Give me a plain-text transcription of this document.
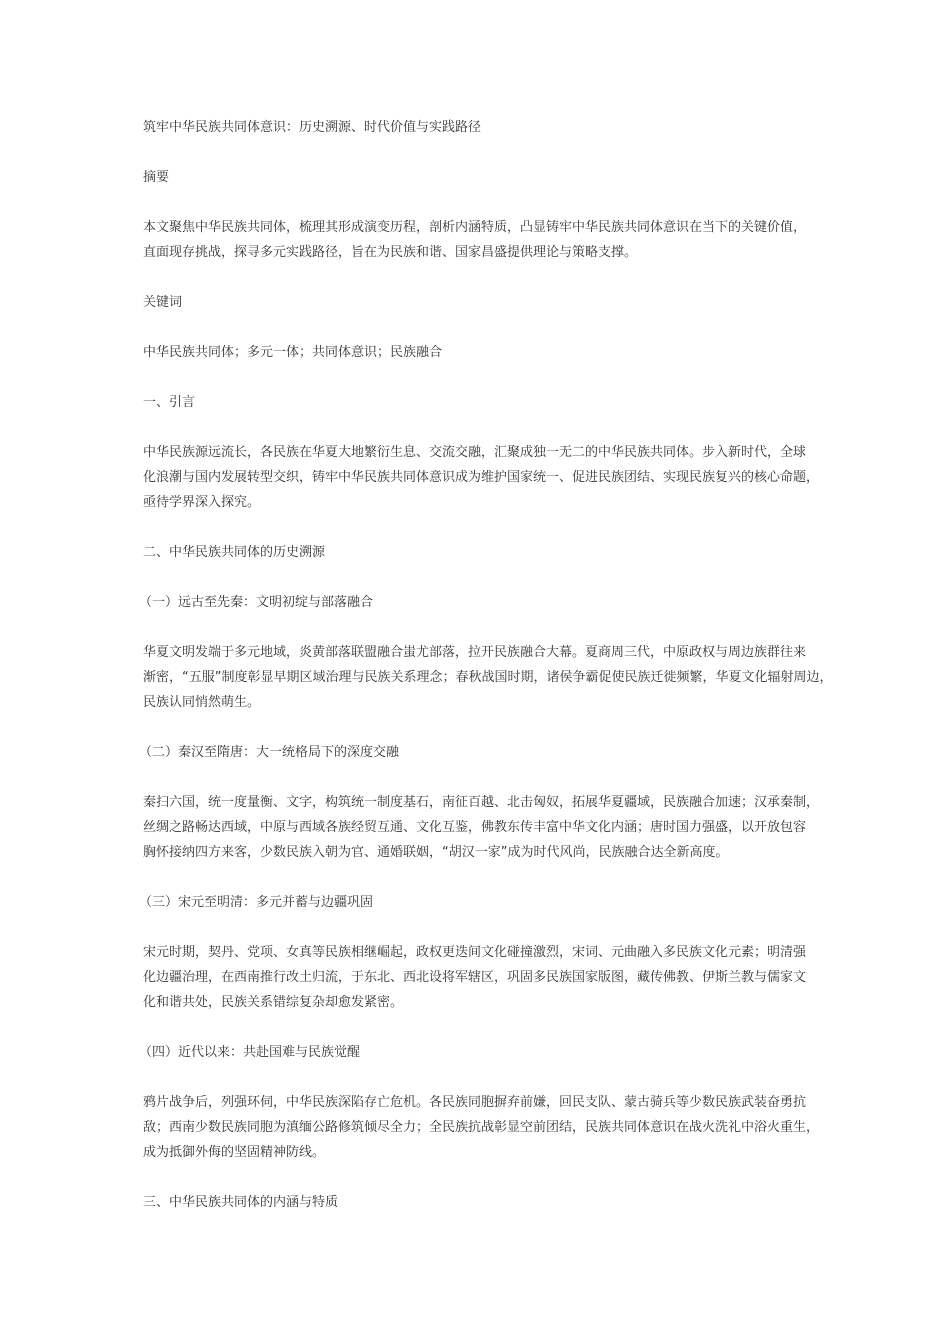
筑牢中华民族共同体意识：历史溯源、时代价值与实践路径

摘要

本文聚焦中华民族共同体，梳理其形成演变历程，剖析内涵特质，凸显铸牢中华民族共同体意识在当下的关键价值，
直面现存挑战，探寻多元实践路径，旨在为民族和谐、国家昌盛提供理论与策略支撑。

关键词

中华民族共同体；多元一体；共同体意识；民族融合

一、引言

中华民族源远流长，各民族在华夏大地繁衍生息、交流交融，汇聚成独一无二的中华民族共同体。步入新时代，全球
化浪潮与国内发展转型交织，铸牢中华民族共同体意识成为维护国家统一、促进民族团结、实现民族复兴的核心命题，
亟待学界深入探究。

二、中华民族共同体的历史溯源

（一）远古至先秦：文明初绽与部落融合

华夏文明发端于多元地域，炎黄部落联盟融合蚩尤部落，拉开民族融合大幕。夏商周三代，中原政权与周边族群往来
渐密，“五服”制度彰显早期区域治理与民族关系理念；春秋战国时期，诸侯争霸促使民族迁徙频繁，华夏文化辐射周边，
民族认同悄然萌生。

（二）秦汉至隋唐：大一统格局下的深度交融

秦扫六国，统一度量衡、文字，构筑统一制度基石，南征百越、北击匈奴，拓展华夏疆域，民族融合加速；汉承秦制，
丝绸之路畅达西域，中原与西域各族经贸互通、文化互鉴，佛教东传丰富中华文化内涵；唐时国力强盛，以开放包容
胸怀接纳四方来客，少数民族入朝为官、通婚联姻，“胡汉一家”成为时代风尚，民族融合达全新高度。

（三）宋元至明清：多元并蓄与边疆巩固

宋元时期，契丹、党项、女真等民族相继崛起，政权更迭间文化碰撞激烈，宋词、元曲融入多民族文化元素；明清强
化边疆治理，在西南推行改土归流，于东北、西北设将军辖区，巩固多民族国家版图，藏传佛教、伊斯兰教与儒家文
化和谐共处，民族关系错综复杂却愈发紧密。

（四）近代以来：共赴国难与民族觉醒

鸦片战争后，列强环伺，中华民族深陷存亡危机。各民族同胞摒弃前嫌，回民支队、蒙古骑兵等少数民族武装奋勇抗
敌；西南少数民族同胞为滇缅公路修筑倾尽全力；全民族抗战彰显空前团结，民族共同体意识在战火洗礼中浴火重生，
成为抵御外侮的坚固精神防线。

三、中华民族共同体的内涵与特质
